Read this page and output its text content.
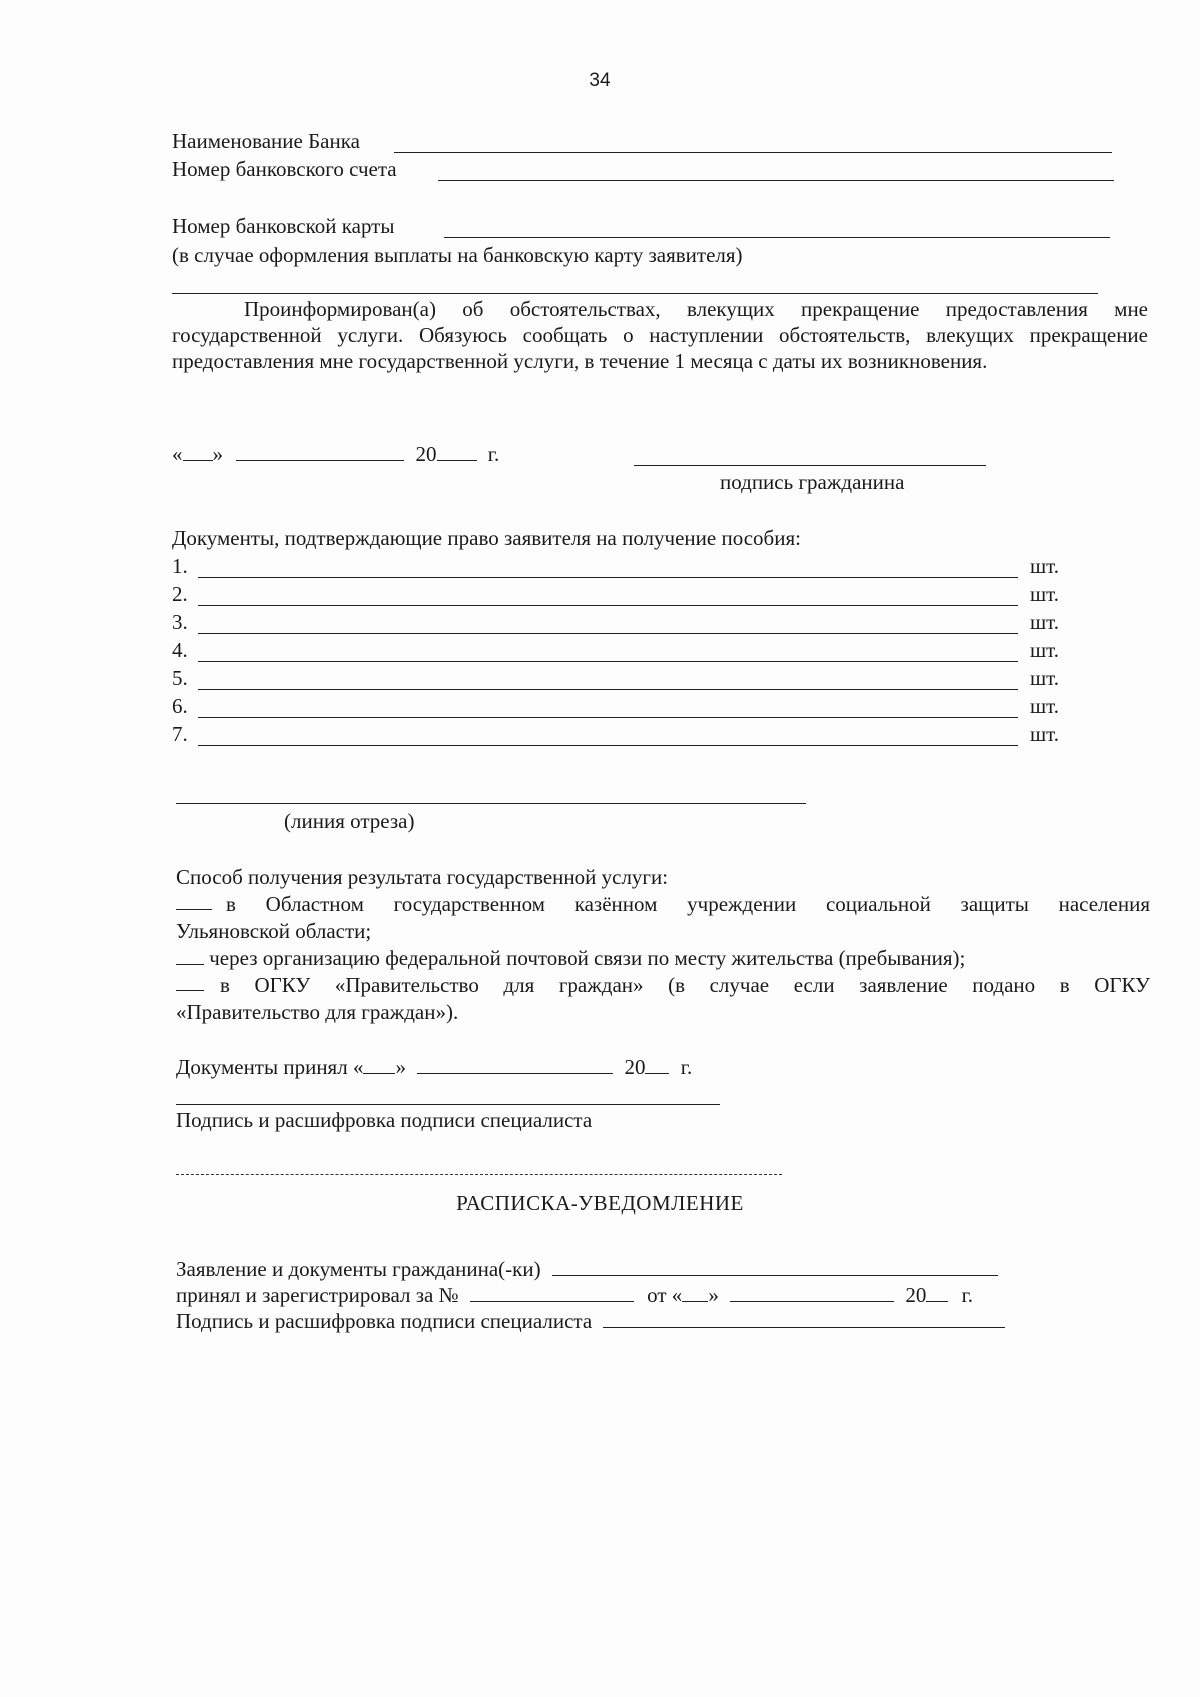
34
Наименование Банка
Номер банковского счета
Номер банковской карты
(в случае оформления выплаты на банковскую карту заявителя)
Проинформирован(а) об обстоятельствах, влекущих прекращение предоставления мне государственной услуги. Обязуюсь сообщать о наступлении обстоятельств, влекущих прекращение предоставления мне государственной услуги, в течение 1 месяца с даты их возникновения.
« »	20 г.
подпись гражданина
Документы, подтверждающие право заявителя на получение пособия:
1.	шт.
2.	шт.
3.	шт.
4.	шт.
5.	шт.
6.	шт.
7.	шт.
(линия отреза)
Способ получения результата государственной услуги:
в Областном государственном казённом учреждении социальной защиты населения
Ульяновской области;
через организацию федеральной почтовой связи по месту жительства (пребывания);
в ОГКУ «Правительство для граждан» (в случае если заявление подано в ОГКУ
«Правительство для граждан»).
Документы принял « »	20 г.
Подпись и расшифровка подписи специалиста
РАСПИСКА-УВЕДОМЛЕНИЕ
Заявление и документы гражданина(-ки)
принял и зарегистрировал за №	от « »	20 г.
Подпись и расшифровка подписи специалиста
